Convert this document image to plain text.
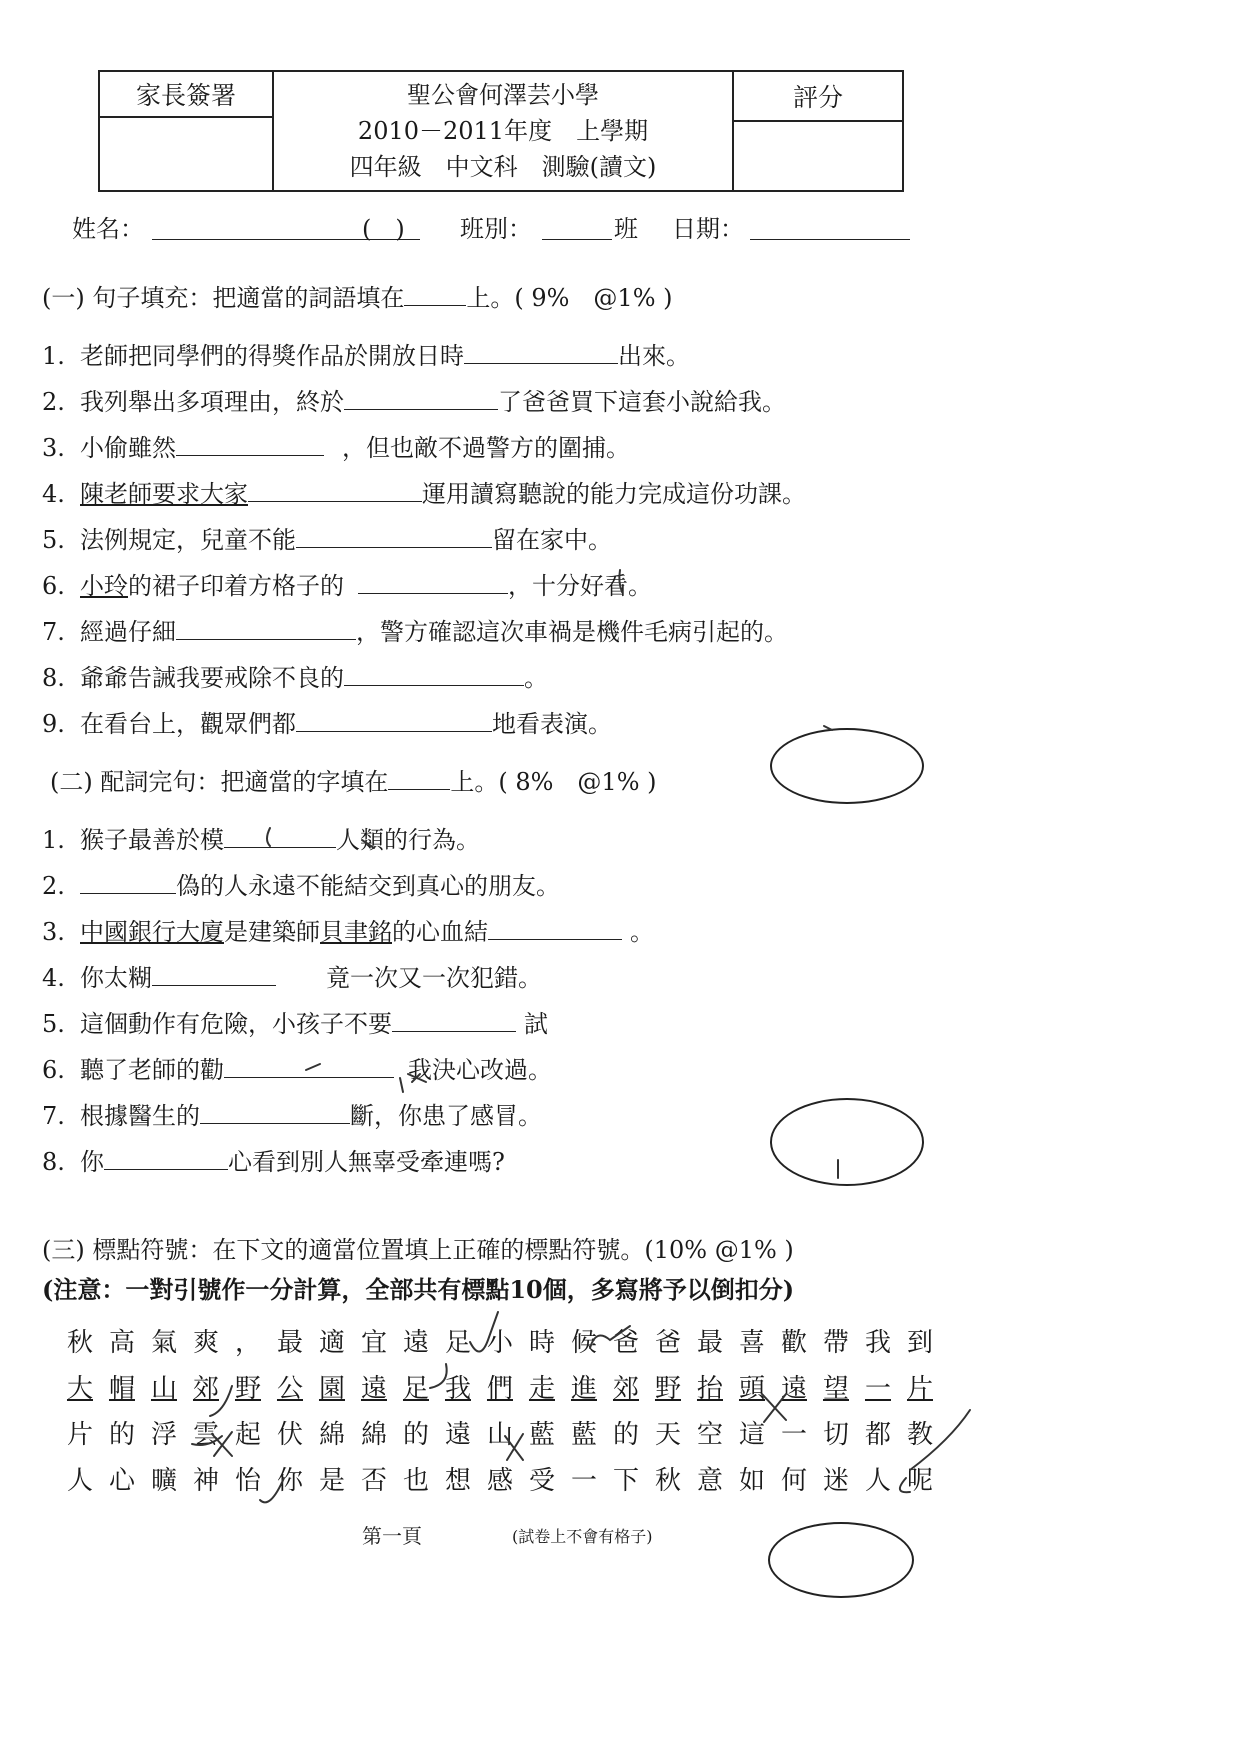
家長簽署	聖公會何澤芸小學
2010－2011年度　上學期
四年級　中文科　測驗(讀文)
評分
姓名：	(　) 班別：	班 日期：
(一) 句子填充：把適當的詞語填在	上。( 9%　@1% )
1. 老師把同學們的得獎作品於開放日時	出來。
2. 我列舉出多項理由，終於	了爸爸買下這套小說給我。
3. 小偷雖然	，但也敵不過警方的圍捕。
4. 陳老師要求大家	運用讀寫聽說的能力完成這份功課。
5. 法例規定，兒童不能	留在家中。
6. 小玲的裙子印着方格子的	，十分好看。
7. 經過仔細	，警方確認這次車禍是機件毛病引起的。
8. 爺爺告誡我要戒除不良的	。
9. 在看台上，觀眾們都	地看表演。
(二) 配詞完句：把適當的字填在	上。( 8%　@1% )
1. 猴子最善於模	人類的行為。
2.	偽的人永遠不能結交到真心的朋友。
3. 中國銀行大廈是建築師貝聿銘的心血結	。
4. 你太糊	竟一次又一次犯錯。
5. 這個動作有危險，小孩子不要	試
6. 聽了老師的勸	我決心改過。
7. 根據醫生的	斷，你患了感冒。
8. 你	心看到別人無辜受牽連嗎?
(三) 標點符號：在下文的適當位置填上正確的標點符號。(10% @1% )
(注意：一對引號作一分計算，全部共有標點10個，多寫將予以倒扣分)
秋 高 氣 爽 ， 最 適 宜 遠 足 小 時 候 爸 爸 最 喜 歡 帶 我 到
大 帽 山 郊 野 公 園 遠 足 我 們 走 進 郊 野 抬 頭 遠 望 一 片
片 的 浮 雲 起 伏 綿 綿 的 遠 山 藍 藍 的 天 空 這 一 切 都 教
人 心 曠 神 怡 你 是 否 也 想 感 受 一 下 秋 意 如 何 迷 人 呢
第一頁	(試卷上不會有格子)
